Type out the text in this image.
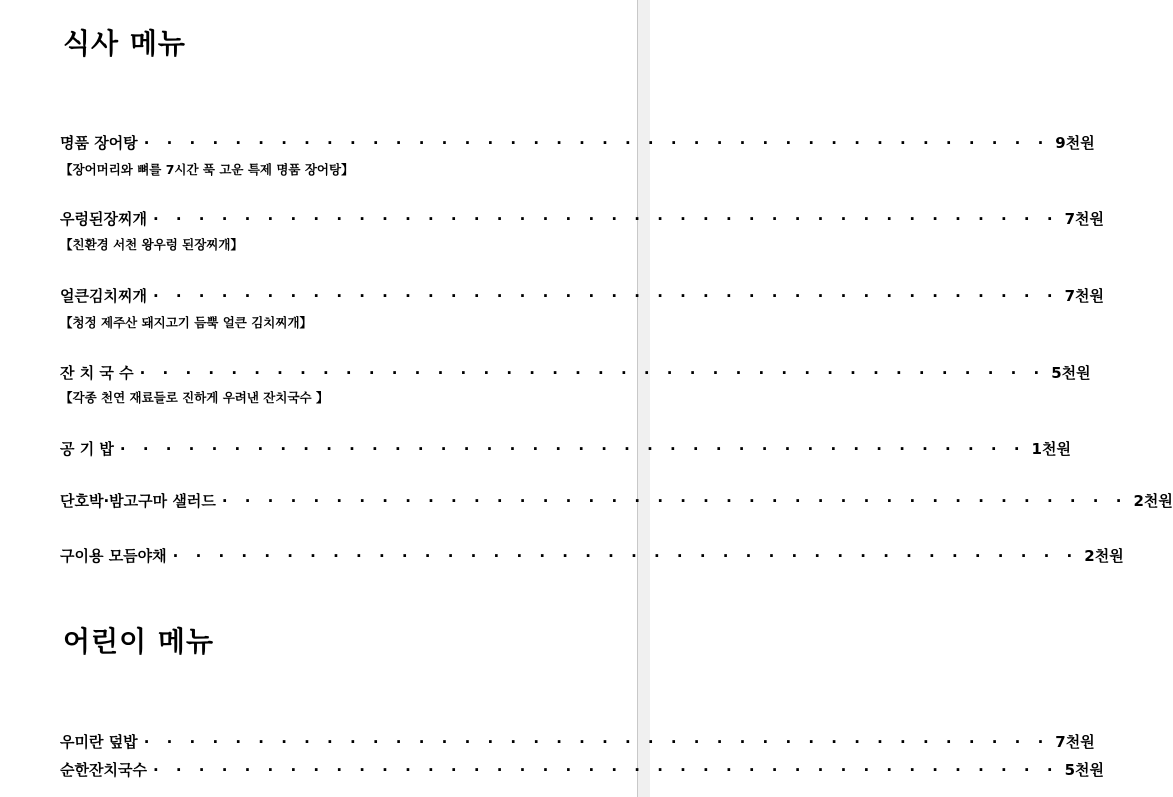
식사 메뉴
명품 장어탕 · · · · · · · · · · · · · · · · · · · · · · · · · · · · · · · · · · · · · · · · 9천원
【장어머리와 뼈를 7시간 푹 고운 특제 명품 장어탕】
우렁된장찌개 · · · · · · · · · · · · · · · · · · · · · · · · · · · · · · · · · · · · · · · · 7천원
【친환경 서천 왕우렁 된장찌개】
얼큰김치찌개 · · · · · · · · · · · · · · · · · · · · · · · · · · · · · · · · · · · · · · · · 7천원
【청정 제주산 돼지고기 듬뿍 얼큰 김치찌개】
잔 치 국 수 · · · · · · · · · · · · · · · · · · · · · · · · · · · · · · · · · · · · · · · · 5천원
【각종 천연 재료들로 진하게 우려낸 잔치국수 】
공 기 밥 · · · · · · · · · · · · · · · · · · · · · · · · · · · · · · · · · · · · · · · · 1천원
단호박·밤고구마 샐러드 · · · · · · · · · · · · · · · · · · · · · · · · · · · · · · · · · · · · · · · · 2천원
구이용 모듬야채 · · · · · · · · · · · · · · · · · · · · · · · · · · · · · · · · · · · · · · · · 2천원
어린이 메뉴
우미란 덮밥 · · · · · · · · · · · · · · · · · · · · · · · · · · · · · · · · · · · · · · · · 7천원
순한잔치국수 · · · · · · · · · · · · · · · · · · · · · · · · · · · · · · · · · · · · · · · · 5천원
